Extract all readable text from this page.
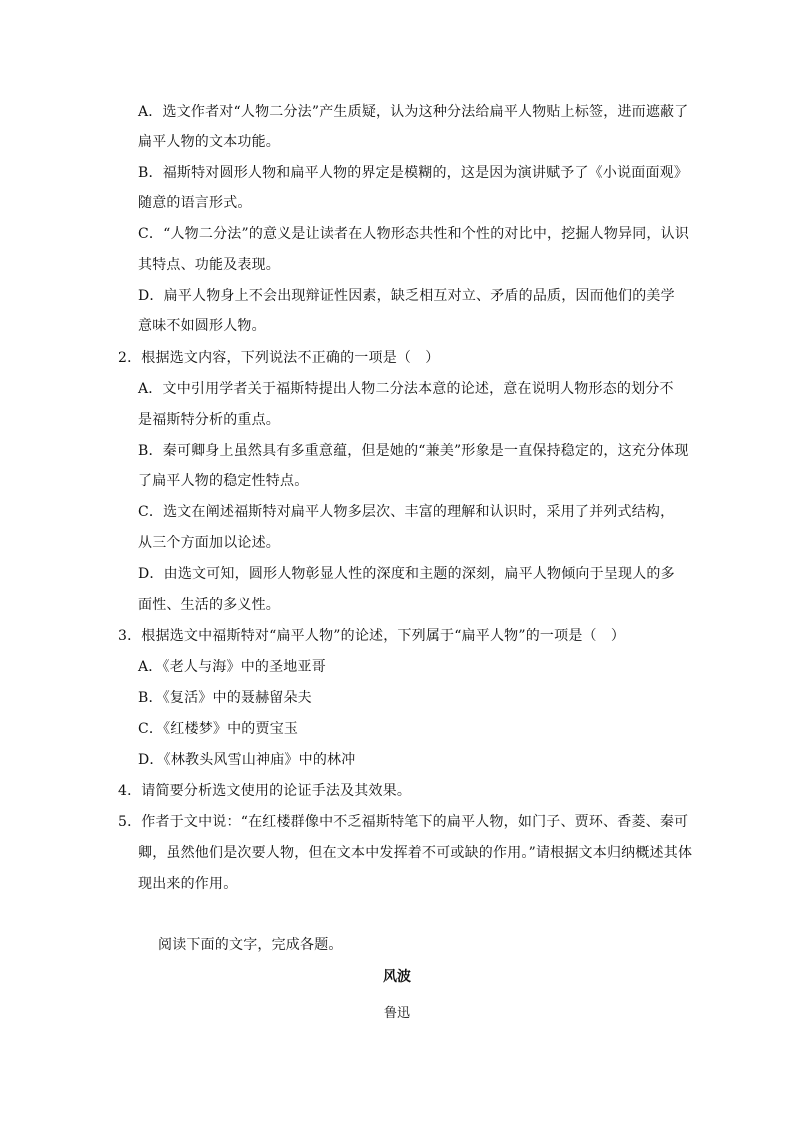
A．选文作者对“人物二分法”产生质疑，认为这种分法给扁平人物贴上标签，进而遮蔽了
扁平人物的文本功能。
B．福斯特对圆形人物和扁平人物的界定是模糊的，这是因为演讲赋予了《小说面面观》
随意的语言形式。
C．“人物二分法”的意义是让读者在人物形态共性和个性的对比中，挖掘人物异同，认识
其特点、功能及表现。
D．扁平人物身上不会出现辩证性因素，缺乏相互对立、矛盾的品质，因而他们的美学
意味不如圆形人物。
2．根据选文内容，下列说法不正确的一项是（　）
A．文中引用学者关于福斯特提出人物二分法本意的论述，意在说明人物形态的划分不
是福斯特分析的重点。
B．秦可卿身上虽然具有多重意蕴，但是她的“兼美”形象是一直保持稳定的，这充分体现
了扁平人物的稳定性特点。
C．选文在阐述福斯特对扁平人物多层次、丰富的理解和认识时，采用了并列式结构，
从三个方面加以论述。
D．由选文可知，圆形人物彰显人性的深度和主题的深刻，扁平人物倾向于呈现人的多
面性、生活的多义性。
3．根据选文中福斯特对“扁平人物”的论述，下列属于“扁平人物”的一项是（　）
A．《老人与海》中的圣地亚哥
B．《复活》中的聂赫留朵夫
C．《红楼梦》中的贾宝玉
D．《林教头风雪山神庙》中的林冲
4．请简要分析选文使用的论证手法及其效果。
5．作者于文中说：“在红楼群像中不乏福斯特笔下的扁平人物，如门子、贾环、香菱、秦可
卿，虽然他们是次要人物，但在文本中发挥着不可或缺的作用。”请根据文本归纳概述其体
现出来的作用。
阅读下面的文字，完成各题。
风波
鲁迅
